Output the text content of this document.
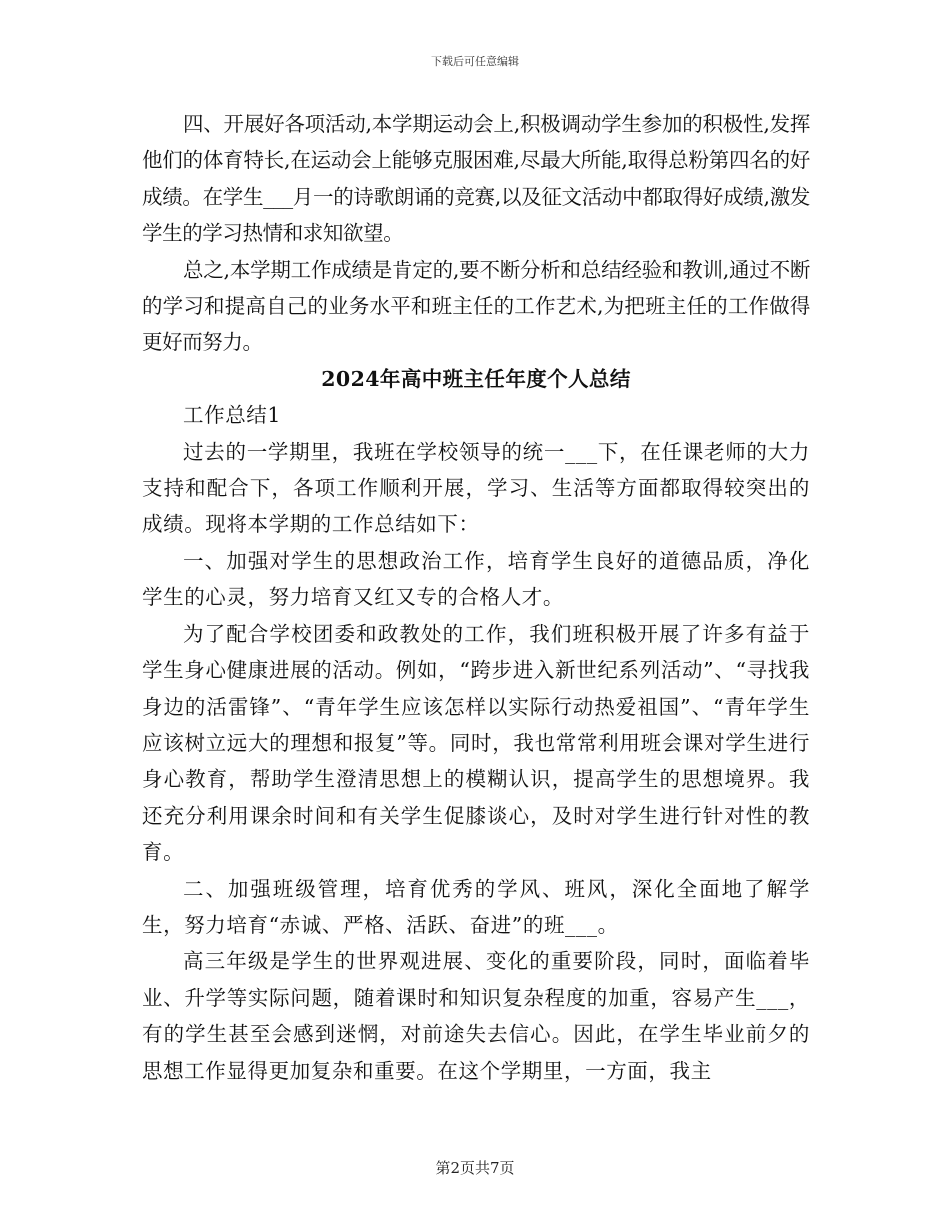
下载后可任意编辑

四、开展好各项活动,本学期运动会上,积极调动学生参加的积极性,发挥他们的体育特长,在运动会上能够克服困难,尽最大所能,取得总粉第四名的好成绩。在学生___月一的诗歌朗诵的竞赛,以及征文活动中都取得好成绩,激发学生的学习热情和求知欲望。

总之,本学期工作成绩是肯定的,要不断分析和总结经验和教训,通过不断的学习和提高自己的业务水平和班主任的工作艺术,为把班主任的工作做得更好而努力。

2024年高中班主任年度个人总结

工作总结1

过去的一学期里，我班在学校领导的统一___下，在任课老师的大力支持和配合下，各项工作顺利开展，学习、生活等方面都取得较突出的成绩。现将本学期的工作总结如下：

一、加强对学生的思想政治工作，培育学生良好的道德品质，净化学生的心灵，努力培育又红又专的合格人才。

为了配合学校团委和政教处的工作，我们班积极开展了许多有益于学生身心健康进展的活动。例如，“跨步进入新世纪系列活动”、“寻找我身边的活雷锋”、“青年学生应该怎样以实际行动热爱祖国”、“青年学生应该树立远大的理想和报复”等。同时，我也常常利用班会课对学生进行身心教育，帮助学生澄清思想上的模糊认识，提高学生的思想境界。我还充分利用课余时间和有关学生促膝谈心，及时对学生进行针对性的教育。

二、加强班级管理，培育优秀的学风、班风，深化全面地了解学生，努力培育“赤诚、严格、活跃、奋进”的班___。

高三年级是学生的世界观进展、变化的重要阶段，同时，面临着毕业、升学等实际问题，随着课时和知识复杂程度的加重，容易产生___，有的学生甚至会感到迷惘，对前途失去信心。因此，在学生毕业前夕的思想工作显得更加复杂和重要。在这个学期里，一方面，我主

第2页共7页
